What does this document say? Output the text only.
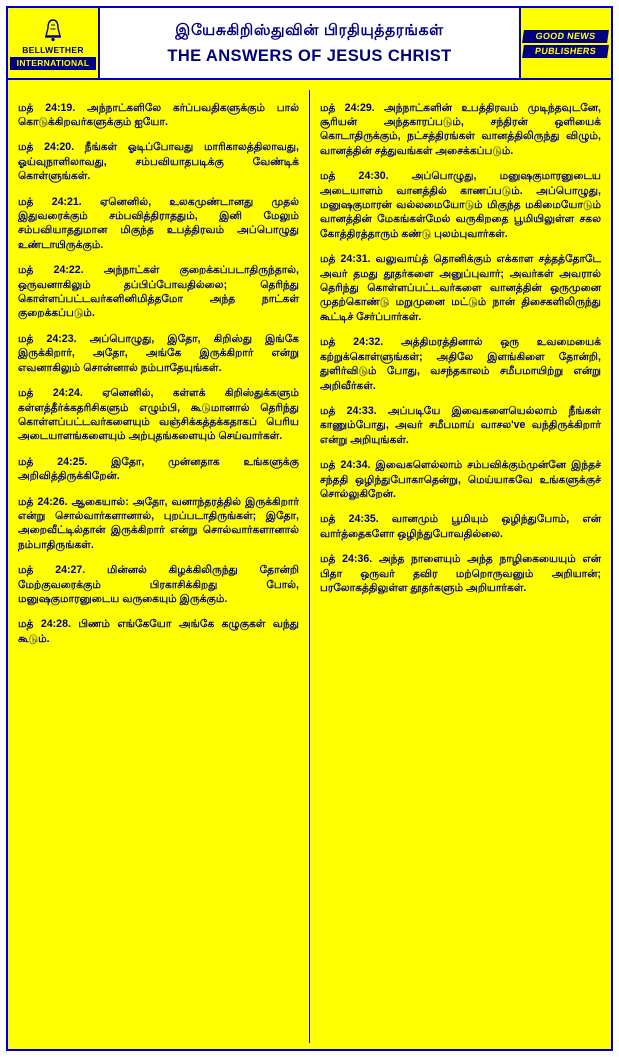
BELLWETHER
INTERNATIONAL
இயேசுகிறிஸ்துவின் பிரதியுத்தரங்கள்
THE ANSWERS OF JESUS CHRIST
GOOD NEWS
PUBLISHERS

மத் 24:19. அந்நாட்களிலே கர்ப்பவதிகளுக்கும் பால் கொடுக்கிறவர்களுக்கும் ஐயோ.

மத் 24:20. நீங்கள் ஓடிப்போவது மாரிகாலத்திலாவது, ஓய்வுநாளிலாவது, சம்பவியாதபடிக்கு வேண்டிக் கொள்ளுங்கள்.

மத் 24:21. ஏனெனில், உலகமுண்டானது முதல் இதுவரைக்கும் சம்பவித்திராததும், இனி மேலும் சம்பவியாததுமான மிகுந்த உபத்திரவம் அப்பொழுது உண்டாயிருக்கும்.

மத் 24:22. அந்நாட்கள் குறைக்கப்படாதிருந்தால், ஒருவனாகிலும் தப்பிப்போவதில்லை; தெரிந்து கொள்ளப்பட்டவர்களினிமித்தமோ அந்த நாட்கள் குறைக்கப்படும்.

மத் 24:23. அப்பொழுது, இதோ, கிறிஸ்து இங்கே இருக்கிறார், அதோ, அங்கே இருக்கிறார் என்று எவனாகிலும் சொன்னால் நம்பாதேயுங்கள்.

மத் 24:24. ஏனெனில், கள்ளக் கிறிஸ்துக்களும் கள்ளத்தீர்க்கதரிசிகளும் எழும்பி, கூடுமானால் தெரிந்து கொள்ளப்பட்டவர்களையும் வஞ்சிக்கத்தக்கதாகப் பெரிய அடையாளங்களையும் அற்புதங்களையும் செய்வார்கள்.

மத் 24:25. இதோ, முன்னதாக உங்களுக்கு அறிவித்திருக்கிறேன்.

மத் 24:26. ஆகையால்: அதோ, வனாந்தரத்தில் இருக்கிறார் என்று சொல்வார்களானால், புறப்படாதிருங்கள்; இதோ, அறைவீட்டில்தான் இருக்கிறார் என்று சொல்வார்களானால் நம்பாதிருங்கள்.

மத் 24:27. மின்னல் கிழக்கிலிருந்து தோன்றி மேற்குவரைக்கும் பிரகாசிக்கிறது போல், மனுஷகுமாரனுடைய வருகையும் இருக்கும்.

மத் 24:28. பிணம் எங்கேயோ அங்கே கழுகுகள் வந்து கூடும்.

மத் 24:29. அந்நாட்களின் உபத்திரவம் முடிந்தவுடனே, சூரியன் அந்தகாரப்படும், சந்திரன் ஒளியைக் கொடாதிருக்கும், நட்சத்திரங்கள் வானத்திலிருந்து விழும், வானத்தின் சத்துவங்கள் அசைக்கப்படும்.

மத் 24:30. அப்பொழுது, மனுஷகுமாரனுடைய அடையாளம் வானத்தில் காணப்படும். அப்பொழுது, மனுஷகுமாரன் வல்லமையோடும் மிகுந்த மகிமையோடும் வானத்தின் மேகங்கள்மேல் வருகிறதை பூமியிலுள்ள சகல கோத்திரத்தாரும் கண்டு புலம்புவார்கள்.

மத் 24:31. வலுவாய்த் தொனிக்கும் எக்காள சத்தத்தோடே அவர் தமது தூதர்களை அனுப்புவார்; அவர்கள் அவரால் தெரிந்து கொள்ளப்பட்டவர்களை வானத்தின் ஒருமுனை முதற்கொண்டு மறுமுனை மட்டும் நான் திசைகளிலிருந்து கூட்டிச் சேர்ப்பார்கள்.

மத் 24:32. அத்திமரத்தினால் ஒரு உவமையைக் கற்றுக்கொள்ளுங்கள்; அதிலே இளங்கிளை தோன்றி, துளிர்விடும் போது, வசந்தகாலம் சமீபமாயிற்று என்று அறிவீர்கள்.

மத் 24:33. அப்படியே இவைகளையெல்லாம் நீங்கள் காணும்போது, அவர் சமீபமாய் வாசல've வந்திருக்கிறார் என்று அறியுங்கள்.

மத் 24:34. இவைகளெல்லாம் சம்பவிக்கும்முன்னே இந்தச் சந்ததி ஒழிந்துபோகாதென்று, மெய்யாகவே உங்களுக்குச் சொல்லுகிறேன்.

மத் 24:35. வானமும் பூமியும் ஒழிந்துபோம், என் வார்த்தைகளோ ஒழிந்துபோவதில்லை.

மத் 24:36. அந்த நாளையும் அந்த நாழிகையையும் என் பிதா ஒருவர் தவிர மற்றொருவனும் அறியான்; பரலோகத்திலுள்ள தூதர்களும் அறியார்கள்.
